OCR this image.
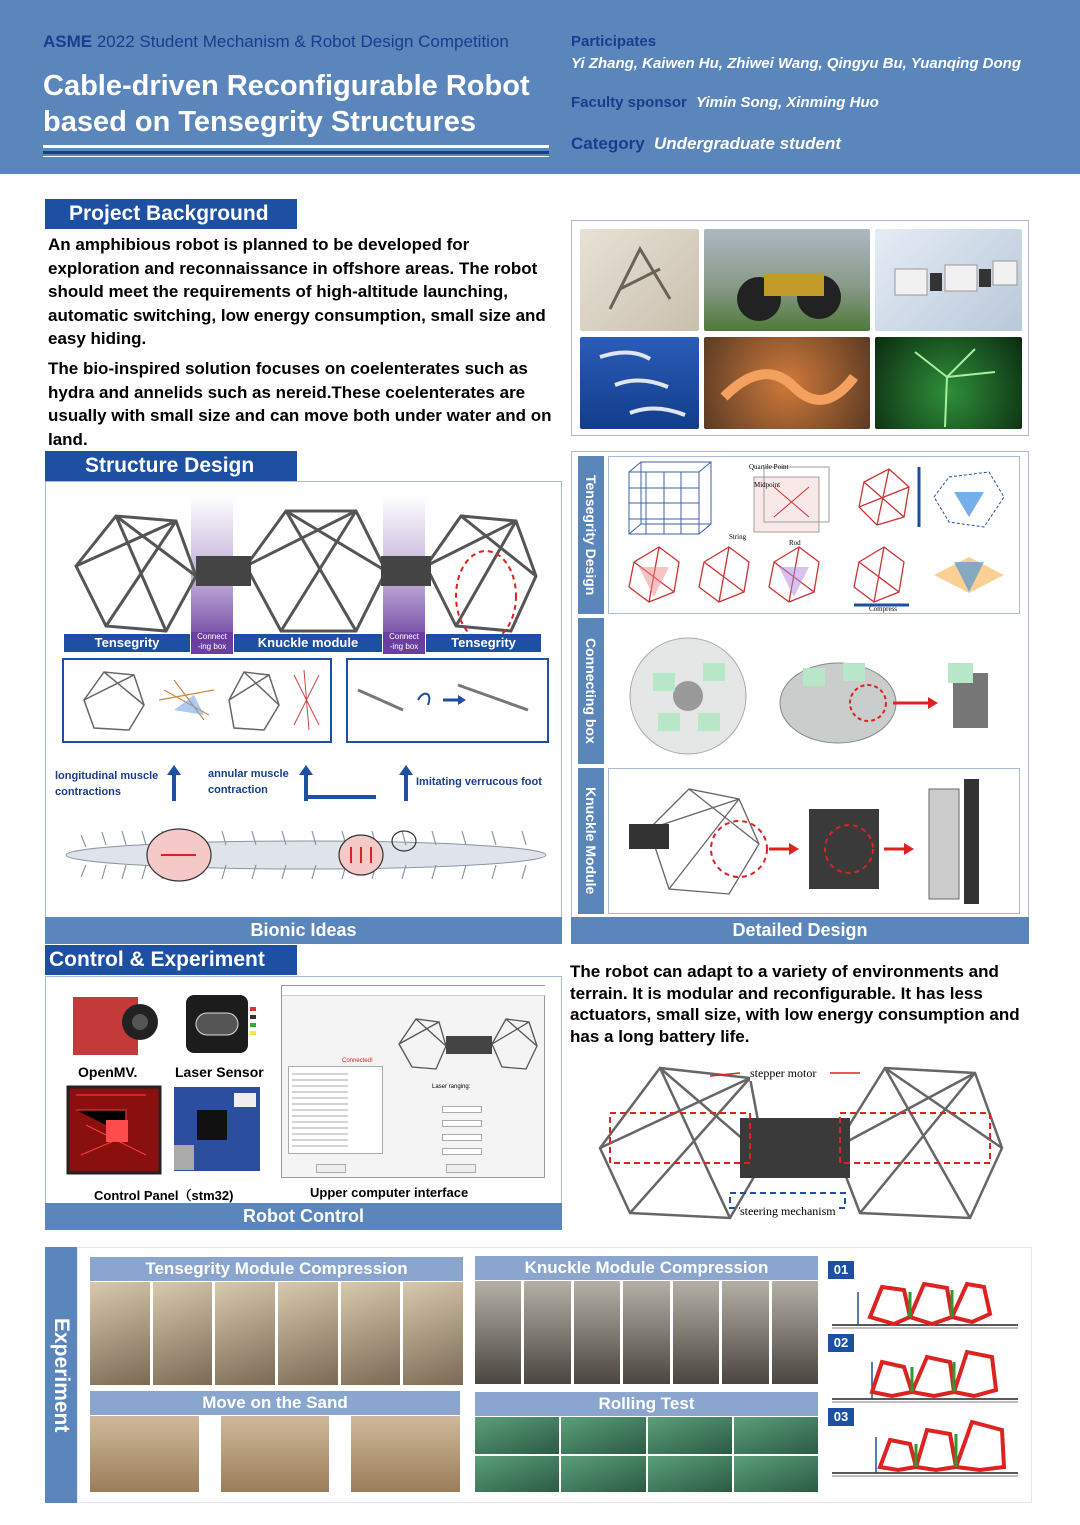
ASME 2022 Student Mechanism & Robot Design Competition
Cable-driven Reconfigurable Robot
based on Tensegrity Structures
Participates
Yi Zhang, Kaiwen Hu, Zhiwei Wang, Qingyu Bu, Yuanqing Dong
Faculty sponsor Yimin Song, Xinming Huo
Category Undergraduate student
Project Background
An amphibious robot is planned to be developed for exploration and reconnaissance in offshore areas. The robot should meet the requirements of high-altitude launching, automatic switching, low energy consumption, small size and easy hiding.
The bio-inspired solution focuses on coelenterates such as hydra and annelids such as nereid.These coelenterates are usually with small size and can move both under water and on land.
Structure Design
Tensegrity	Connect
-ing box	Knuckle module	Connect
-ing box	Tensegrity
longitudinal muscle contractions
annular muscle contraction
Imitating verrucous foot
Bionic Ideas
Tensegrity Design
Connecting box
Knuckle Module
Quartile Point
Midpoint
String
Rod
Compress
Detailed Design
Control & Experiment
OpenMV.	Laser Sensor
Control Panel（stm32)
Connected!
Laser ranging:
Upper computer interface
Robot Control
The robot can adapt to a variety of environments and terrain. It is modular and reconfigurable. It has less actuators, small size, with low energy consumption and has a long battery life.
stepper motor
steering mechanism
Experiment
Tensegrity Module Compression	Knuckle Module Compression
Move on the Sand	Rolling Test
01
02
03
